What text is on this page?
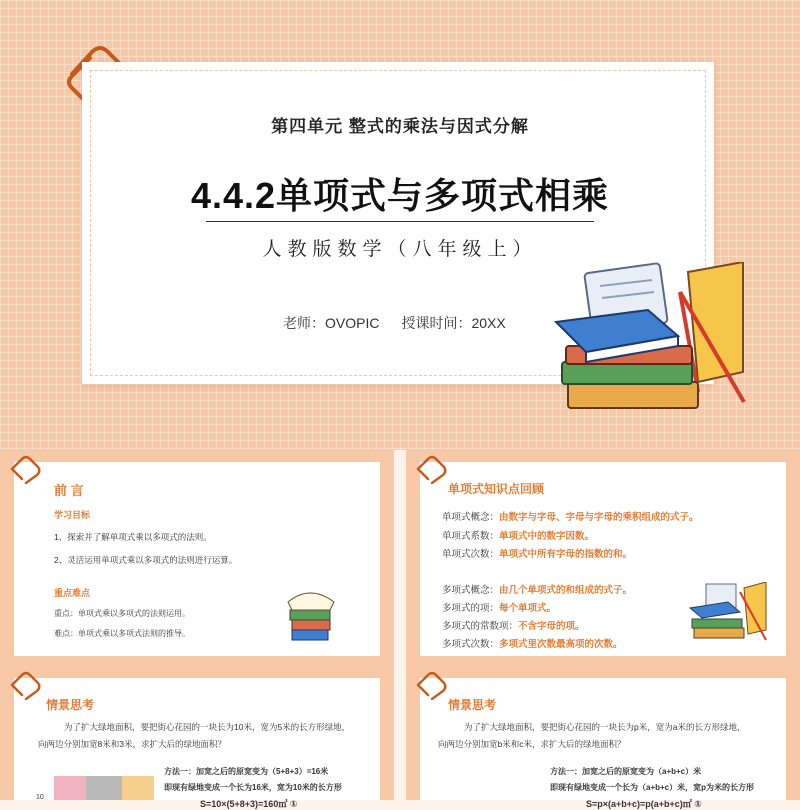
第四单元 整式的乘法与因式分解
4.4.2单项式与多项式相乘
人教版数学（八年级上）
老师：OVOPIC 授课时间：20XX
前 言
学习目标
1、探索并了解单项式乘以多项式的法则。
2、灵活运用单项式乘以多项式的法则进行运算。
重点难点
重点：单项式乘以多项式的法则运用。
难点：单项式乘以多项式法则的推导。
单项式知识点回顾
单项式概念：由数字与字母、字母与字母的乘积组成的式子。
单项式系数：单项式中的数字因数。
单项式次数：单项式中所有字母的指数的和。
多项式概念：由几个单项式的和组成的式子。
多项式的项：每个单项式。
多项式的常数项：不含字母的项。
多项式次数：多项式里次数最高项的次数。
情景思考
为了扩大绿地面积，要把街心花园的一块长为10米，宽为5米的长方形绿地，
向两边分别加宽8米和3米，求扩大后的绿地面积？
10
方法一：加宽之后的原宽变为（5+8+3）=16米
即现有绿地变成一个长为16米，宽为10米的长方形
S=10×(5+8+3)=160㎡ ①
情景思考
为了扩大绿地面积，要把街心花园的一块长为p米，宽为a米的长方形绿地，
向两边分别加宽b米和c米，求扩大后的绿地面积？
方法一：加宽之后的原宽变为（a+b+c）米
即现有绿地变成一个长为（a+b+c）米，宽p为米的长方形
S=p×(a+b+c)=p(a+b+c)㎡ ①
